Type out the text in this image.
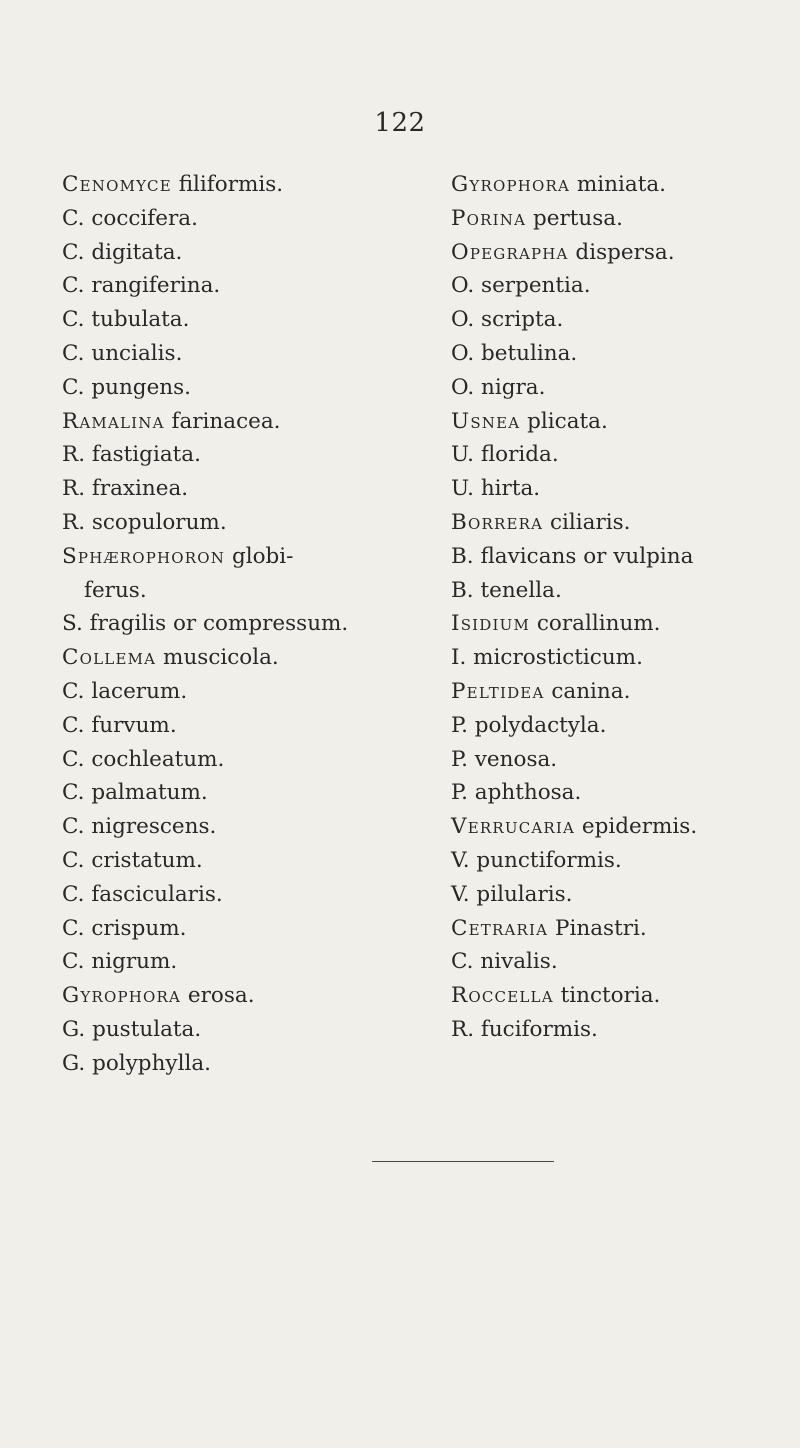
122
Cenomyce filiformis.
C. coccifera.
C. digitata.
C. rangiferina.
C. tubulata.
C. uncialis.
C. pungens.
Ramalina farinacea.
R. fastigiata.
R. fraxinea.
R. scopulorum.
Sphærophoron globi-
ferus.
S. fragilis or compressum.
Collema muscicola.
C. lacerum.
C. furvum.
C. cochleatum.
C. palmatum.
C. nigrescens.
C. cristatum.
C. fascicularis.
C. crispum.
C. nigrum.
Gyrophora erosa.
G. pustulata.
G. polyphylla.
Gyrophora miniata.
Porina pertusa.
Opegrapha dispersa.
O. serpentia.
O. scripta.
O. betulina.
O. nigra.
Usnea plicata.
U. florida.
U. hirta.
Borrera ciliaris.
B. flavicans or vulpina
B. tenella.
Isidium corallinum.
I. microsticticum.
Peltidea canina.
P. polydactyla.
P. venosa.
P. aphthosa.
Verrucaria epidermis.
V. punctiformis.
V. pilularis.
Cetraria Pinastri.
C. nivalis.
Roccella tinctoria.
R. fuciformis.
